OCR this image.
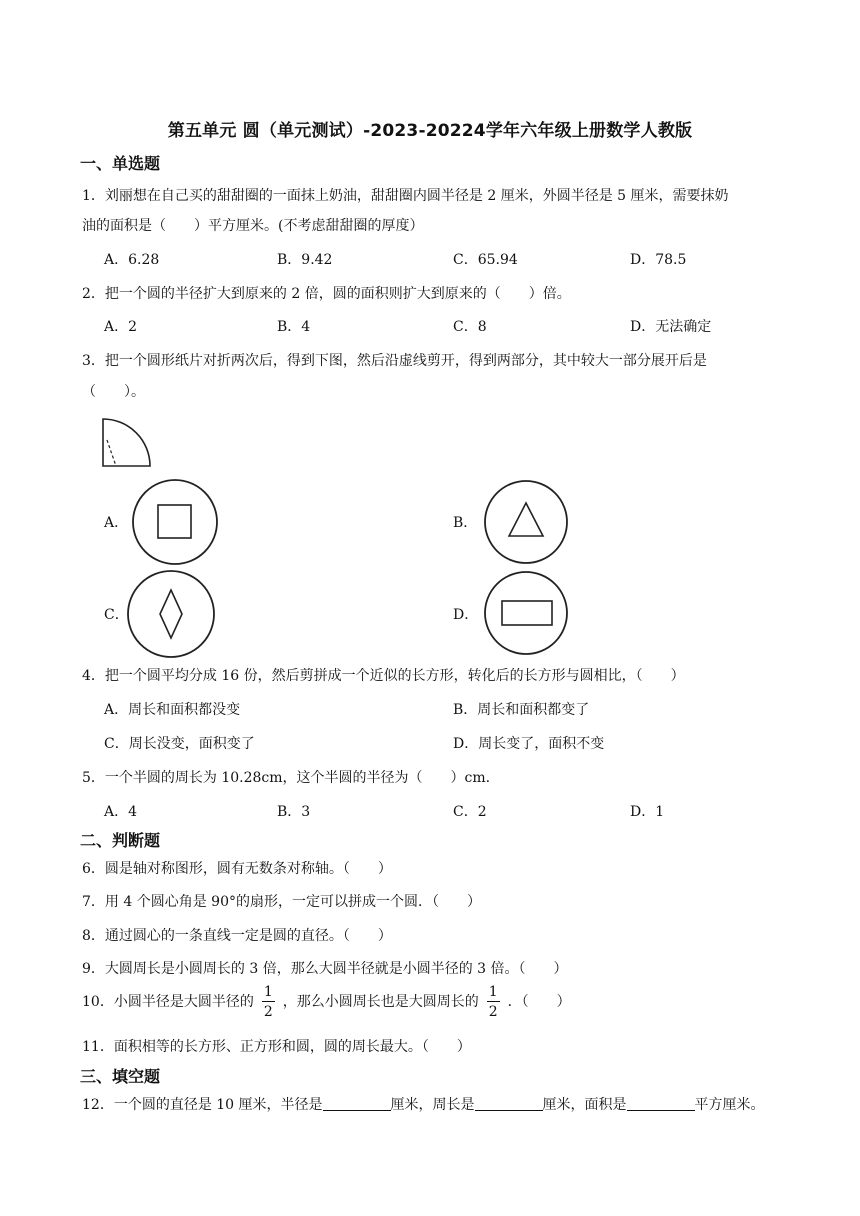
第五单元 圆（单元测试）-2023-20224学年六年级上册数学人教版
一、单选题
1．刘丽想在自己买的甜甜圈的一面抹上奶油，甜甜圈内圆半径是 2 厘米，外圆半径是 5 厘米，需要抹奶
油的面积是（　　）平方厘米。(不考虑甜甜圈的厚度）
A．6.28	B．9.42	C．65.94	D．78.5
2．把一个圆的半径扩大到原来的 2 倍，圆的面积则扩大到原来的（　　）倍。
A．2	B．4	C．8	D．无法确定
3．把一个圆形纸片对折两次后，得到下图，然后沿虚线剪开，得到两部分，其中较大一部分展开后是
（　　）。
A．	B．
C．	D．
4．把一个圆平均分成 16 份，然后剪拼成一个近似的长方形，转化后的长方形与圆相比，（　　）
A．周长和面积都没变	B．周长和面积都变了
C．周长没变，面积变了	D．周长变了，面积不变
5．一个半圆的周长为 10.28cm，这个半圆的半径为（　　）cm.
A．4	B．3	C．2	D．1
二、判断题
6．圆是轴对称图形，圆有无数条对称轴。（　　）
7．用 4 个圆心角是 90°的扇形，一定可以拼成一个圆．（　　）
8．通过圆心的一条直线一定是圆的直径。（　　）
9．大圆周长是小圆周长的 3 倍，那么大圆半径就是小圆半径的 3 倍。（　　）
10．小圆半径是大圆半径的 $\frac{1}{2}$ ，那么小圆周长也是大圆周长的 $\frac{1}{2}$ ．（　　）
11．面积相等的长方形、正方形和圆，圆的周长最大。（　　）
三、填空题
12．一个圆的直径是 10 厘米，半径是	厘米，周长是	厘米，面积是	平方厘米。
